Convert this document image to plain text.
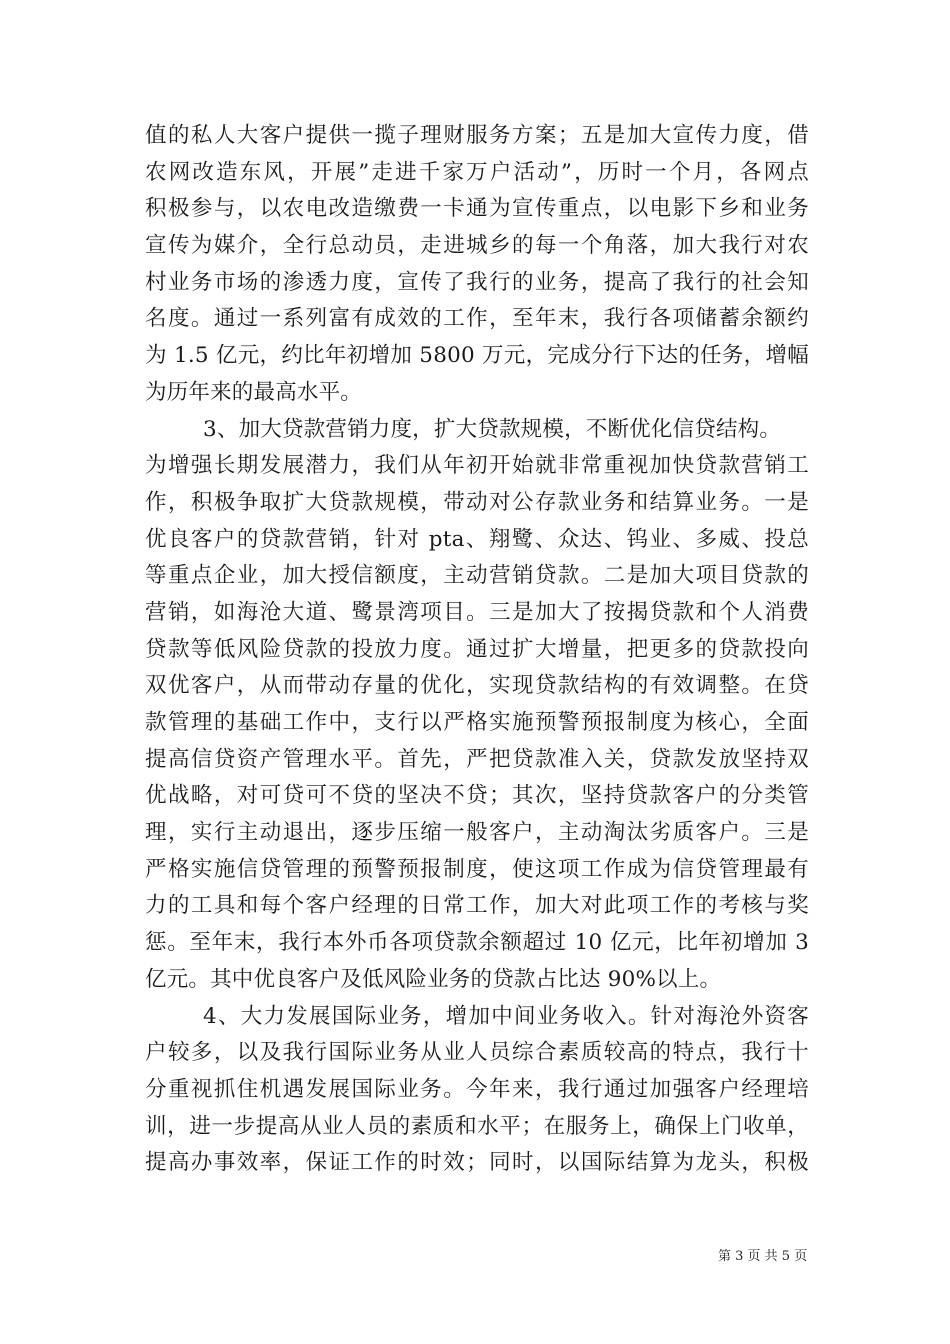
值的私人大客户提供一揽子理财服务方案；五是加大宣传力度，借
农网改造东风，开展”走进千家万户活动”，历时一个月，各网点
积极参与，以农电改造缴费一卡通为宣传重点，以电影下乡和业务
宣传为媒介，全行总动员，走进城乡的每一个角落，加大我行对农
村业务市场的渗透力度，宣传了我行的业务，提高了我行的社会知
名度。通过一系列富有成效的工作，至年末，我行各项储蓄余额约
为 1.5 亿元，约比年初增加 5800 万元，完成分行下达的任务，增幅
为历年来的最高水平。
3、加大贷款营销力度，扩大贷款规模，不断优化信贷结构。
为增强长期发展潜力，我们从年初开始就非常重视加快贷款营销工
作，积极争取扩大贷款规模，带动对公存款业务和结算业务。一是
优良客户的贷款营销，针对 pta、翔鹭、众达、钨业、多威、投总
等重点企业，加大授信额度，主动营销贷款。二是加大项目贷款的
营销，如海沧大道、鹭景湾项目。三是加大了按揭贷款和个人消费
贷款等低风险贷款的投放力度。通过扩大增量，把更多的贷款投向
双优客户，从而带动存量的优化，实现贷款结构的有效调整。在贷
款管理的基础工作中，支行以严格实施预警预报制度为核心，全面
提高信贷资产管理水平。首先，严把贷款准入关，贷款发放坚持双
优战略，对可贷可不贷的坚决不贷；其次，坚持贷款客户的分类管
理，实行主动退出，逐步压缩一般客户，主动淘汰劣质客户。三是
严格实施信贷管理的预警预报制度，使这项工作成为信贷管理最有
力的工具和每个客户经理的日常工作，加大对此项工作的考核与奖
惩。至年末，我行本外币各项贷款余额超过 10 亿元，比年初增加 3
亿元。其中优良客户及低风险业务的贷款占比达 90%以上。
4、大力发展国际业务，增加中间业务收入。针对海沧外资客
户较多，以及我行国际业务从业人员综合素质较高的特点，我行十
分重视抓住机遇发展国际业务。今年来，我行通过加强客户经理培
训，进一步提高从业人员的素质和水平；在服务上，确保上门收单，
提高办事效率，保证工作的时效；同时，以国际结算为龙头，积极
第 3 页 共 5 页
